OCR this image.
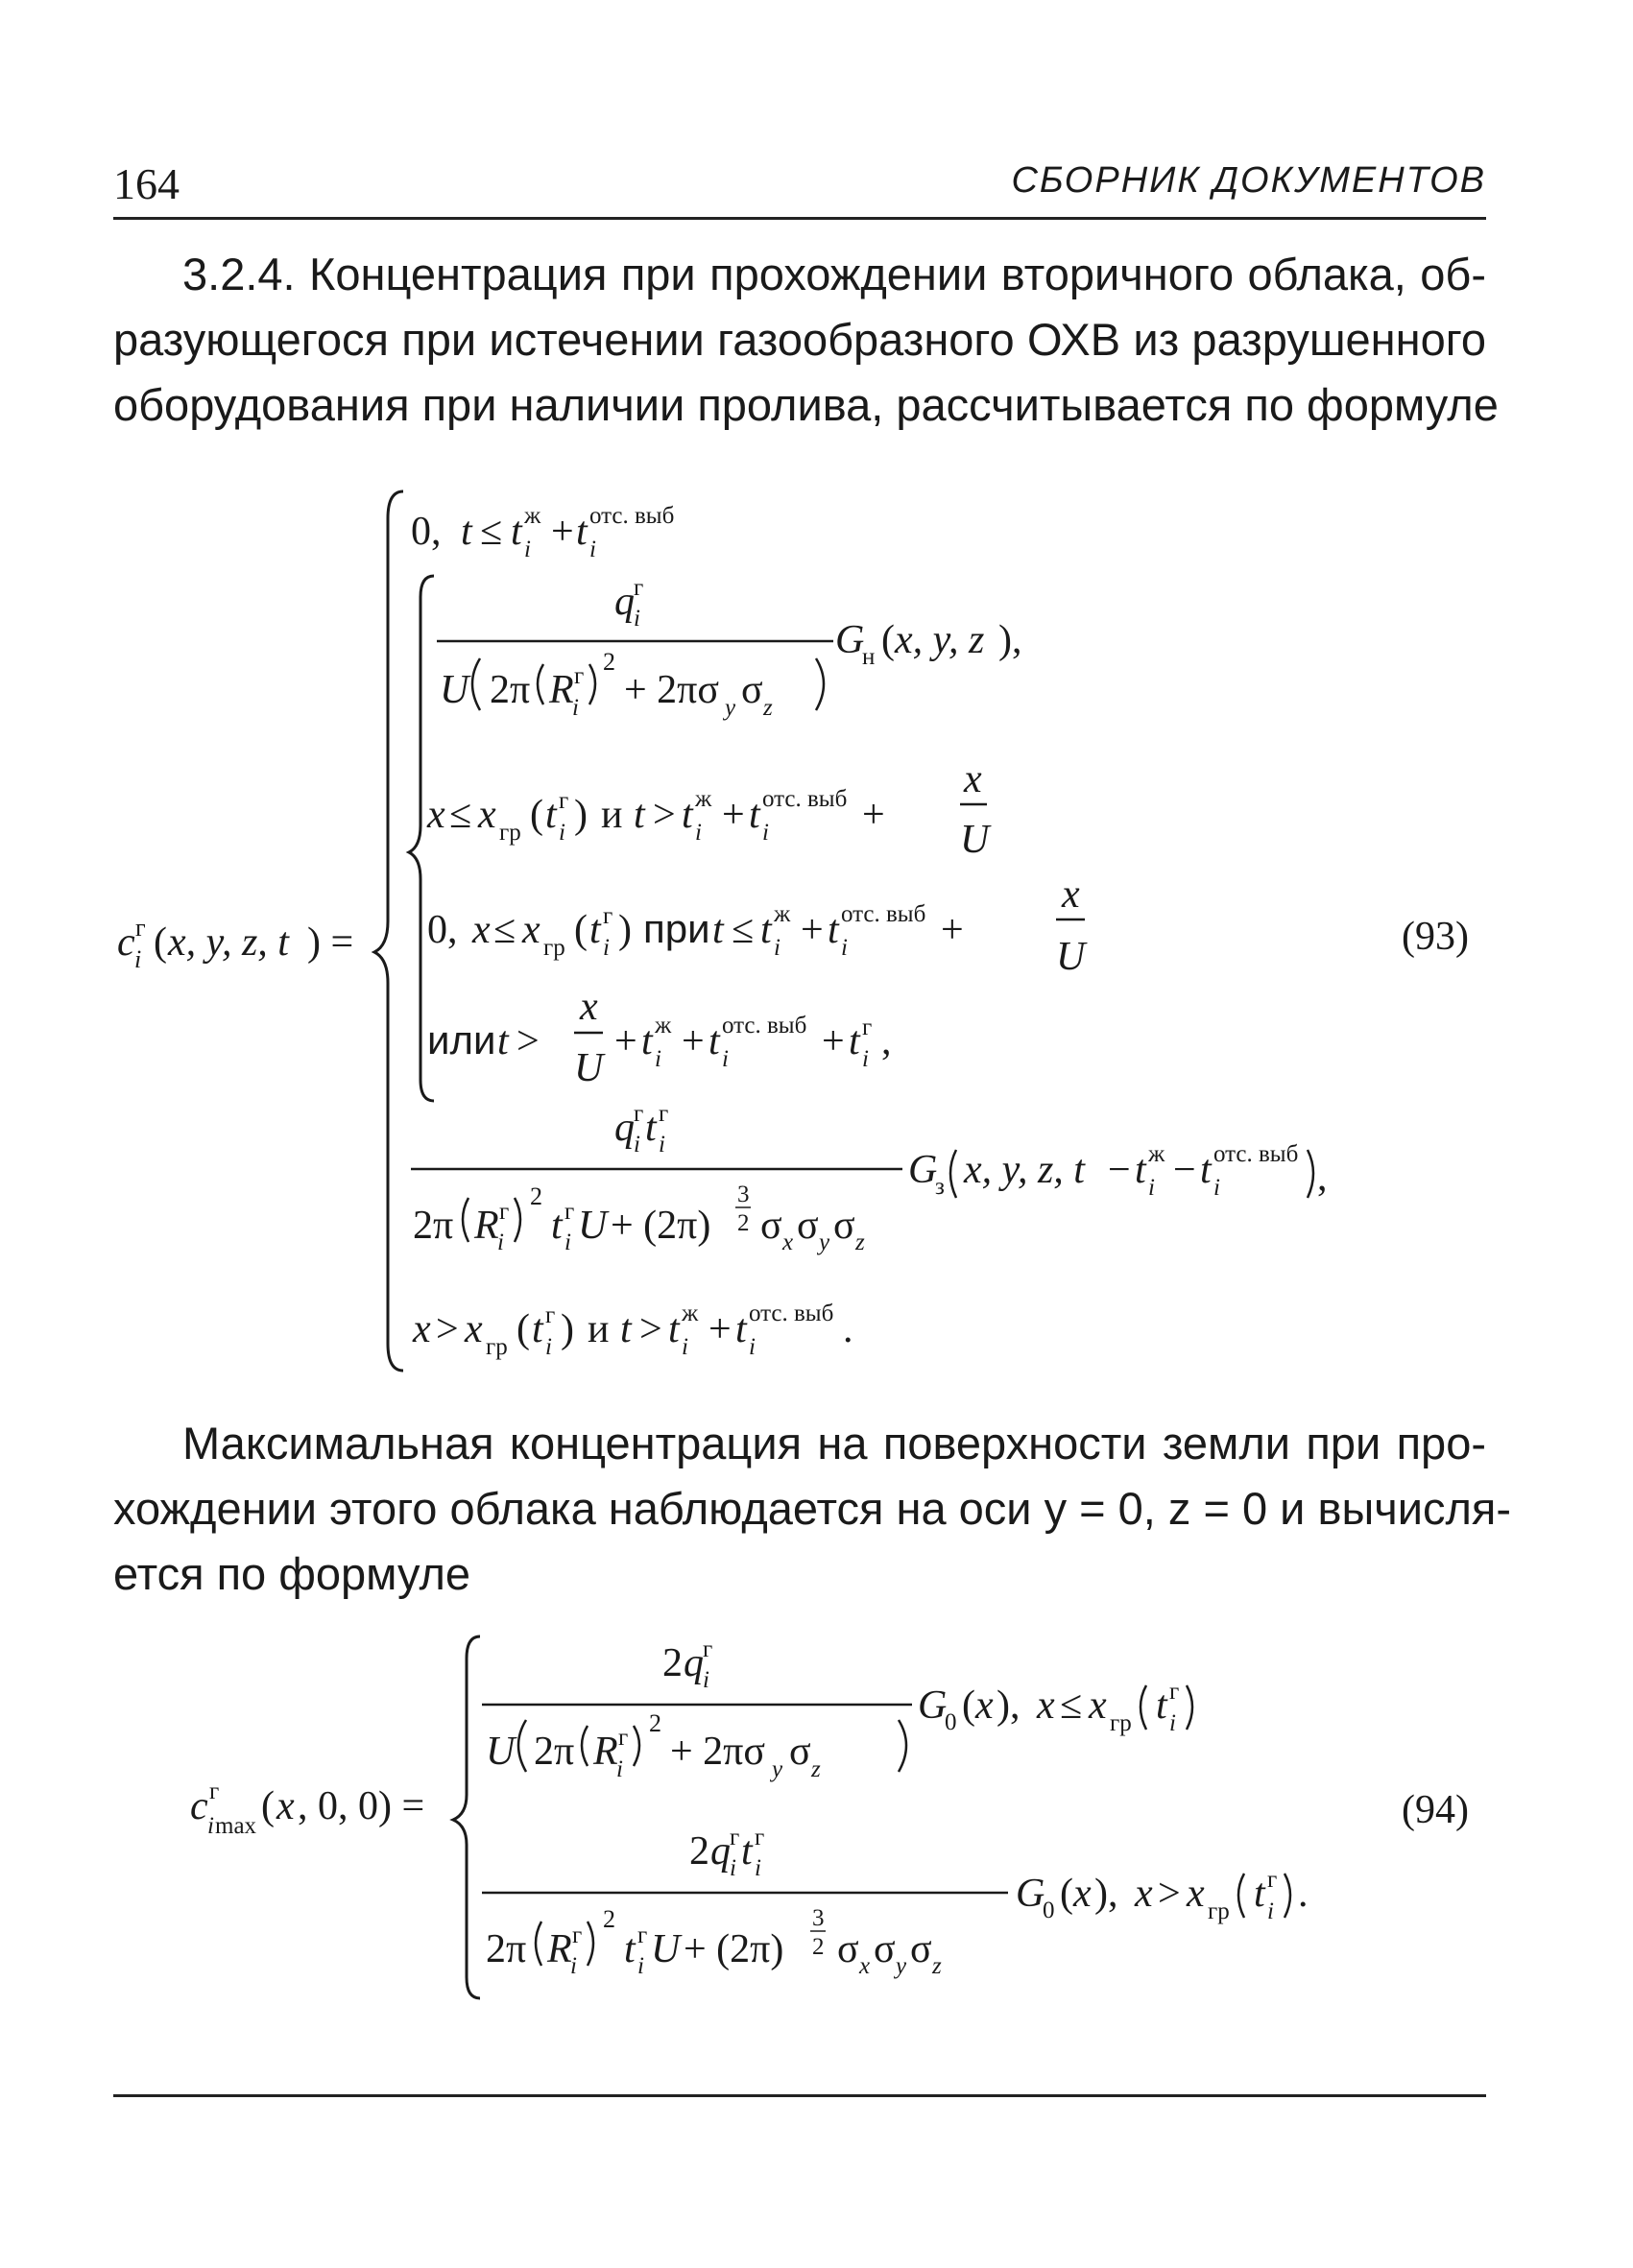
164	СБОРНИК ДОКУМЕНТОВ
3.2.4. Концентрация при прохождении вторичного облака, об-
разующегося при истечении газообразного ОХВ из разрушенного
оборудования при наличии пролива, рассчитывается по формуле
c i
г ( x, y, z, t ) =
0, t ≤ t ж
i + t отс. выб
i
q г
i
U 2π R г
i
2
+ 2πσ y σ z
G
н ( x, y, z ),
x ≤ x гр ( t г
i ) и t > t ж
i + t отс. выб
i +
x
U
0, x ≤ x гр ( t г
i ) при t ≤ t ж
i + t отс. выб
i +
x
U
или t >
x
U
+ t ж
i + t отс. выб
i + t г
i ,
q г
i t г
i
2π R г
i
2
t г
i U + (2π)
3
2 σ x σ y σ z
G
з x, y, z, t − t ж
i − t отс. выб
i ,
x > x гр ( t г
i ) и t > t ж
i + t отс. выб
i .
(93)
Максимальная концентрация на поверхности земли при про-
хождении этого облака наблюдается на оси y = 0, z = 0 и вычисля-
ется по формуле
c i max
г ( x , 0, 0) =
2 q г
i
U 2π R г
i
2
+ 2πσ y σ z
G
0 ( x ), x ≤ x гр t г
i
2 q г
i t г
i
2π R г
i
2
t г
i U + (2π)
3
2 σ x σ y σ z
G
0 ( x ), x > x гр t г
i .
(94)
